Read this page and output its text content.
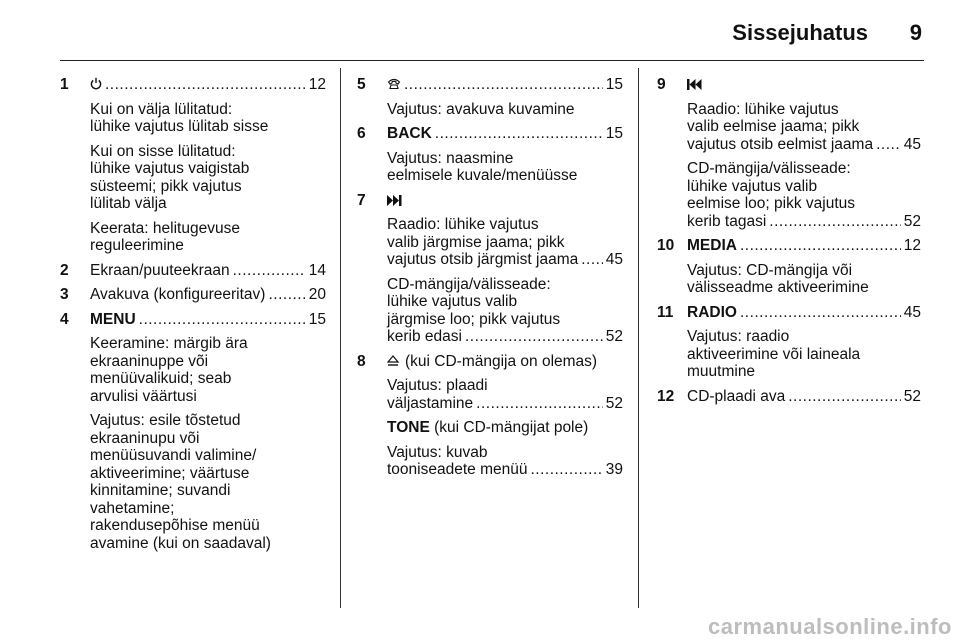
Sissejuhatus 9
1 .....	12
Kui on välja lülitatud:
lühike vajutus lülitab sisse
Kui on sisse lülitatud:
lühike vajutus vaigistab
süsteemi; pikk vajutus
lülitab välja
Keerata: helitugevuse
reguleerimine
2	Ekraan/puuteekraan .....	14
3	Avakuva (konfigureeritav) .....	20
4	MENU .....	15
Keeramine: märgib ära
ekraaninuppe või
menüüvalikuid; seab
arvulisi väärtusi
Vajutus: esile tõstetud
ekraaninupu või
menüüsuvandi valimine/
aktiveerimine; väärtuse
kinnitamine; suvandi
vahetamine;
rakendusepõhise menüü
avamine (kui on saadaval)
5 .....	15
Vajutus: avakuva kuvamine
6	BACK .....	15
Vajutus: naasmine
eelmisele kuvale/menüüsse
7
Raadio: lühike vajutus
valib järgmise jaama; pikk
vajutus otsib järgmist jaama ..... 45
CD-mängija/välisseade:
lühike vajutus valib
järgmise loo; pikk vajutus
kerib edasi .....	52
8	(kui CD-mängija on olemas)
Vajutus: plaadi
väljastamine .....	52
TONE (kui CD-mängijat pole)
Vajutus: kuvab
tooniseadete menüü .....	39
9
Raadio: lühike vajutus
valib eelmise jaama; pikk
vajutus otsib eelmist jaama ..... 45
CD-mängija/välisseade:
lühike vajutus valib
eelmise loo; pikk vajutus
kerib tagasi .....	52
10 MEDIA .....	12
Vajutus: CD-mängija või
välisseadme aktiveerimine
11 RADIO .....	45
Vajutus: raadio
aktiveerimine või laineala
muutmine
12 CD-plaadi ava .....	52
carmanualsonline.info
